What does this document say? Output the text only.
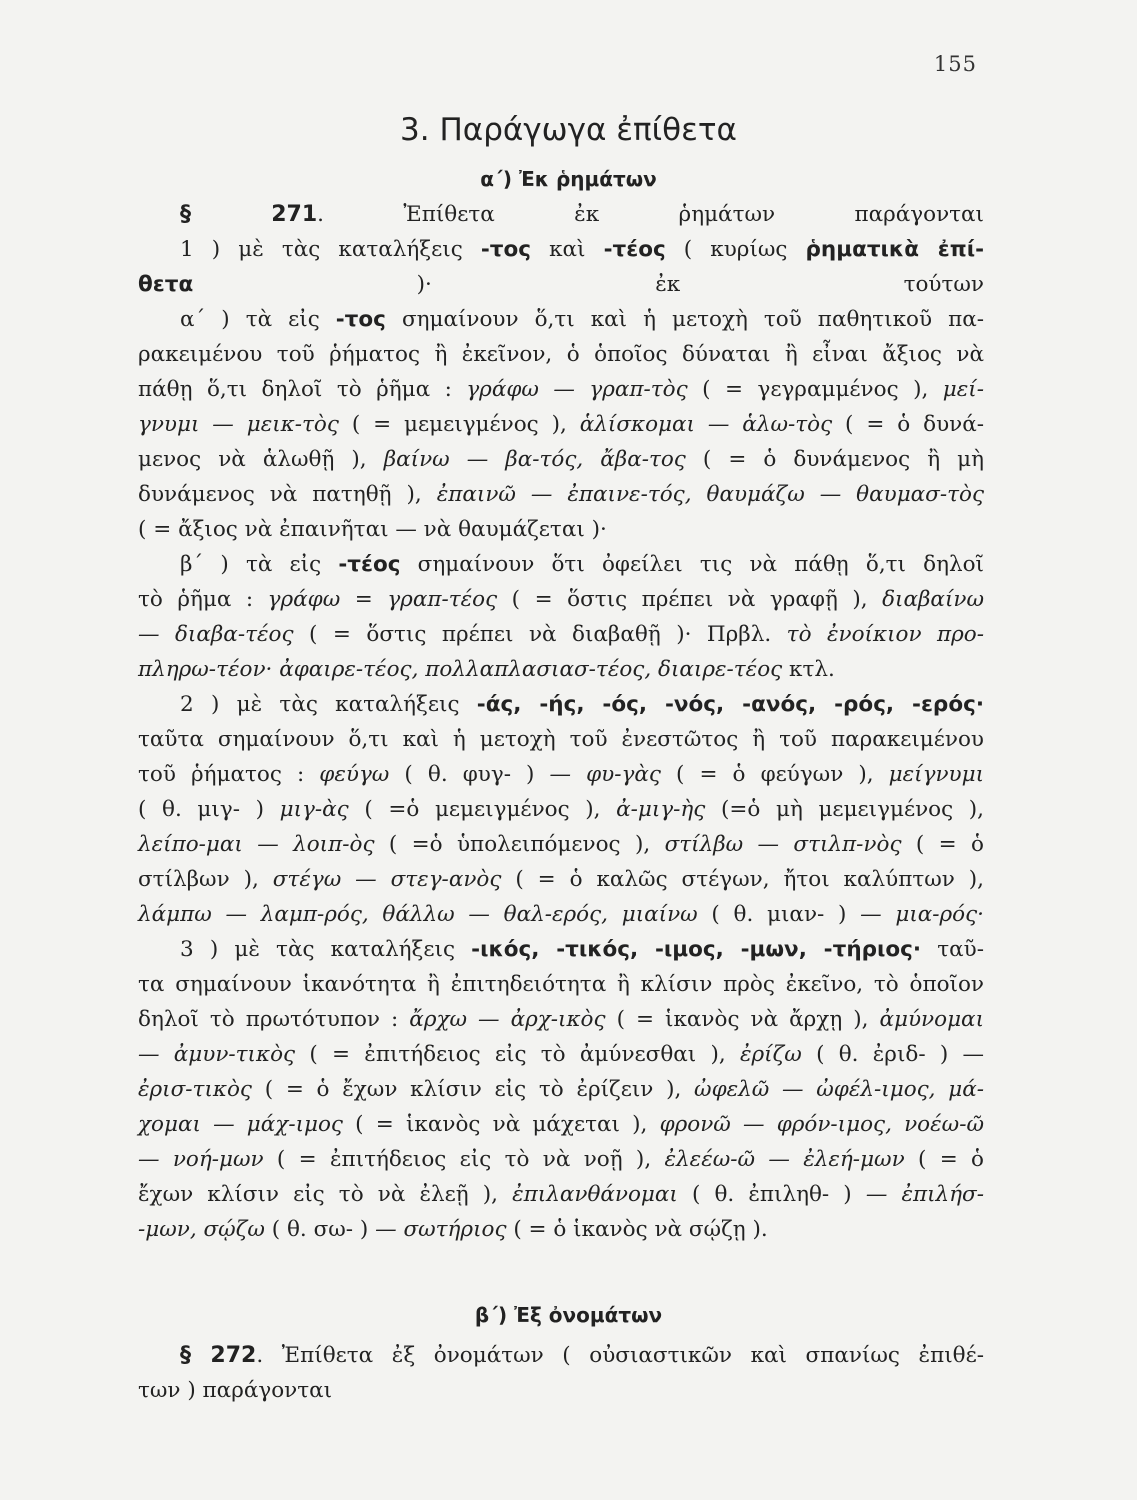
155
3. Παράγωγα ἐπίθετα
α΄) Ἐκ ῥημάτων
§ 271. Ἐπίθετα ἐκ ῥημάτων παράγονται
1 ) μὲ τὰς καταλήξεις -τος καὶ -τέος ( κυρίως ῥηματικὰ ἐπί-
θετα )· ἐκ τούτων
α΄ ) τὰ εἰς -τος σημαίνουν ὅ,τι καὶ ἡ μετοχὴ τοῦ παθητικοῦ πα-
ρακειμένου τοῦ ῥήματος ἢ ἐκεῖνον, ὁ ὁποῖος δύναται ἢ εἶναι ἄξιος νὰ
πάθῃ ὅ,τι δηλοῖ τὸ ῥῆμα : γράφω — γραπ-τὸς ( = γεγραμμένος ), μεί-
γνυμι — μεικ-τὸς ( = μεμειγμένος ), ἁλίσκομαι — ἁλω-τὸς ( = ὁ δυνά-
μενος νὰ ἁλωθῇ ), βαίνω — βα-τός, ἄβα-τος ( = ὁ δυνάμενος ἢ μὴ
δυνάμενος νὰ πατηθῇ ), ἐπαινῶ — ἐπαινε-τός, θαυμάζω — θαυμασ-τὸς
( = ἄξιος νὰ ἐπαινῆται — νὰ θαυμάζεται )·
β΄ ) τὰ εἰς -τέος σημαίνουν ὅτι ὀφείλει τις νὰ πάθῃ ὅ,τι δηλοῖ
τὸ ῥῆμα : γράφω = γραπ-τέος ( = ὅστις πρέπει νὰ γραφῇ ), διαβαίνω
— διαβα-τέος ( = ὅστις πρέπει νὰ διαβαθῇ )· Πρβλ. τὸ ἐνοίκιον προ-
πληρω-τέον· ἀφαιρε-τέος, πολλαπλασιασ-τέος, διαιρε-τέος κτλ.
2 ) μὲ τὰς καταλήξεις -άς, -ής, -ός, -νός, -ανός, -ρός, -ερός·
ταῦτα σημαίνουν ὅ,τι καὶ ἡ μετοχὴ τοῦ ἐνεστῶτος ἢ τοῦ παρακειμένου
τοῦ ῥήματος : φεύγω ( θ. φυγ- ) — φυ-γὰς ( = ὁ φεύγων ), μείγνυμι
( θ. μιγ- ) μιγ-ὰς ( =ὁ μεμειγμένος ), ἀ-μιγ-ὴς (=ὁ μὴ μεμειγμένος ),
λείπο-μαι — λοιπ-ὸς ( =ὁ ὑπολειπόμενος ), στίλβω — στιλπ-νὸς ( = ὁ
στίλβων ), στέγω — στεγ-ανὸς ( = ὁ καλῶς στέγων, ἤτοι καλύπτων ),
λάμπω — λαμπ-ρός, θάλλω — θαλ-ερός, μιαίνω ( θ. μιαν- ) — μια-ρός·
3 ) μὲ τὰς καταλήξεις -ικός, -τικός, -ιμος, -μων, -τήριος· ταῦ-
τα σημαίνουν ἱκανότητα ἢ ἐπιτηδειότητα ἢ κλίσιν πρὸς ἐκεῖνο, τὸ ὁποῖον
δηλοῖ τὸ πρωτότυπον : ἄρχω — ἀρχ-ικὸς ( = ἱκανὸς νὰ ἄρχῃ ), ἀμύνομαι
— ἀμυν-τικὸς ( = ἐπιτήδειος εἰς τὸ ἀμύνεσθαι ), ἐρίζω ( θ. ἐριδ- ) —
ἐρισ-τικὸς ( = ὁ ἔχων κλίσιν εἰς τὸ ἐρίζειν ), ὠφελῶ — ὠφέλ-ιμος, μά-
χομαι — μάχ-ιμος ( = ἱκανὸς νὰ μάχεται ), φρονῶ — φρόν-ιμος, νοέω-ῶ
— νοή-μων ( = ἐπιτήδειος εἰς τὸ νὰ νοῇ ), ἐλεέω-ῶ — ἐλεή-μων ( = ὁ
ἔχων κλίσιν εἰς τὸ νὰ ἐλεῇ ), ἐπιλανθάνομαι ( θ. ἐπιληθ- ) — ἐπιλήσ-
-μων, σῴζω ( θ. σω- ) — σωτήριος ( = ὁ ἱκανὸς νὰ σῴζῃ ).
β΄) Ἐξ ὀνομάτων
§ 272. Ἐπίθετα ἐξ ὀνομάτων ( οὐσιαστικῶν καὶ σπανίως ἐπιθέ-
των ) παράγονται
